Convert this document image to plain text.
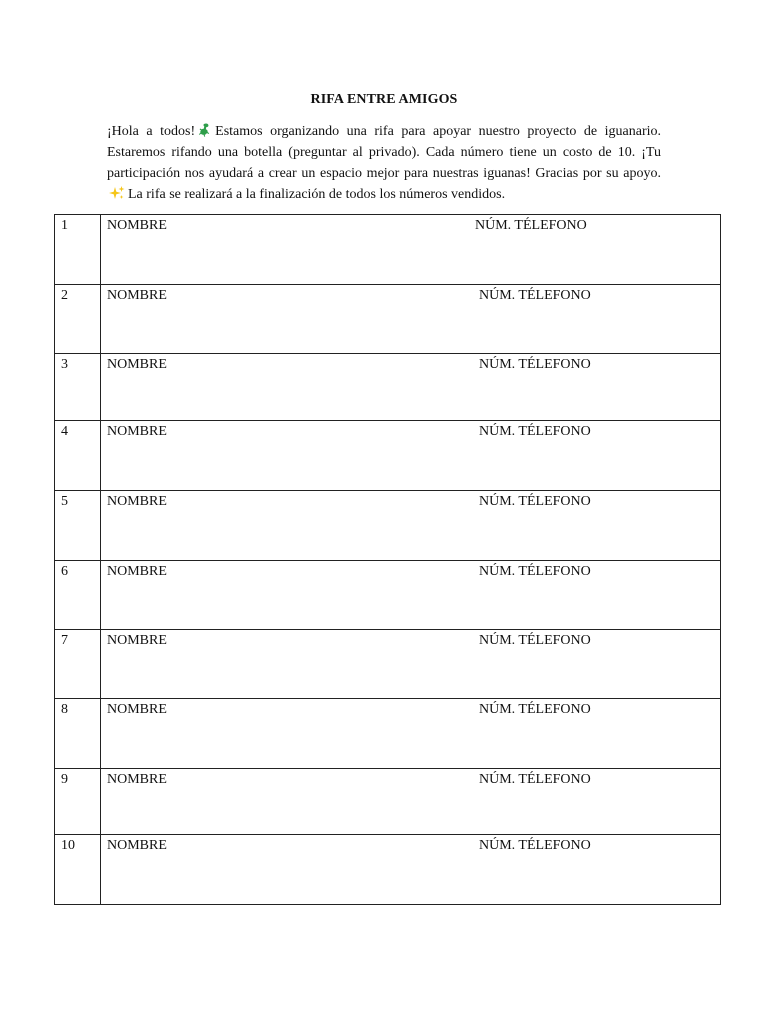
RIFA ENTRE AMIGOS
¡Hola a todos! Estamos organizando una rifa para apoyar nuestro proyecto de iguanario. Estaremos rifando una botella (preguntar al privado). Cada número tiene un costo de 10. ¡Tu participación nos ayudará a crear un espacio mejor para nuestras iguanas! Gracias por su apoyo.La rifa se realizará a la finalización de todos los números vendidos.
1	NOMBRE NÚM. TÉLEFONO

2	NOMBRE NÚM. TÉLEFONO

3	NOMBRE NÚM. TÉLEFONO

4	NOMBRE NÚM. TÉLEFONO

5	NOMBRE NÚM. TÉLEFONO

6	NOMBRE NÚM. TÉLEFONO

7	NOMBRE NÚM. TÉLEFONO

8	NOMBRE NÚM. TÉLEFONO

9	NOMBRE NÚM. TÉLEFONO

10	NOMBRE NÚM. TÉLEFONO
